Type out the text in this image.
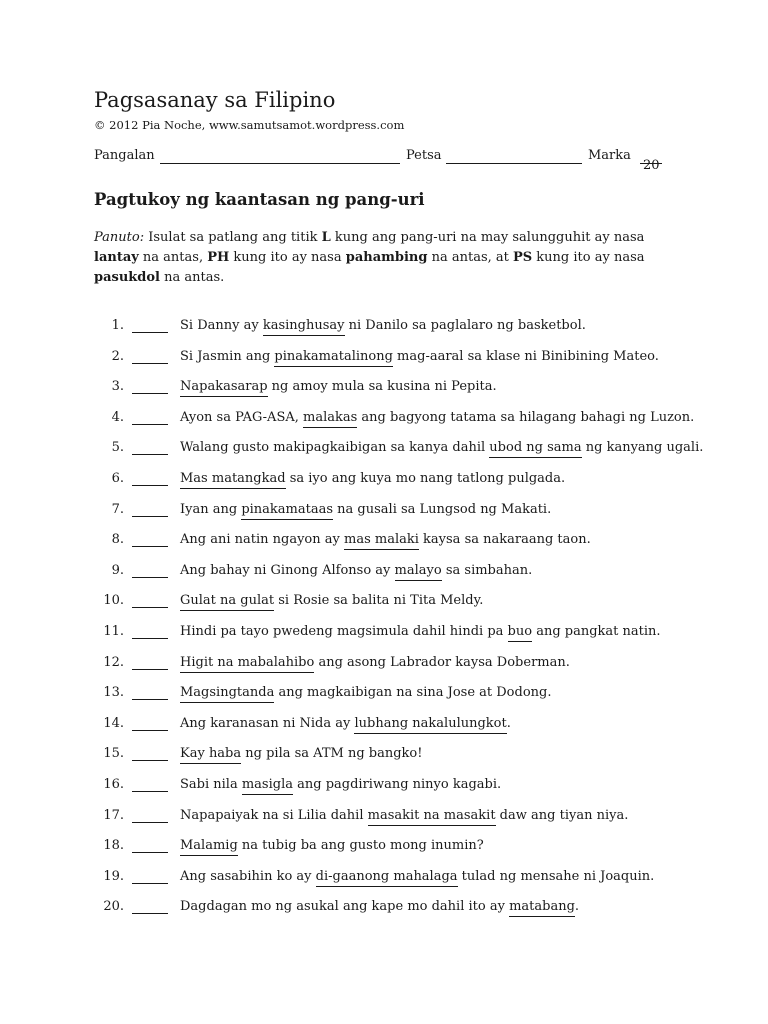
Pagsasanay sa Filipino
© 2012 Pia Noche, www.samutsamot.wordpress.com
Pangalan	Petsa	Marka
20
Pagtukoy ng kaantasan ng pang-uri
Panuto: Isulat sa patlang ang titik L kung ang pang-uri na may salungguhit ay nasa lantay na antas, PH kung ito ay nasa pahambing na antas, at PS kung ito ay nasa pasukdol na antas.
1.	Si Danny ay kasinghusay ni Danilo sa paglalaro ng basketbol.
2.	Si Jasmin ang pinakamatalinong mag-aaral sa klase ni Binibining Mateo.
3.	Napakasarap ng amoy mula sa kusina ni Pepita.
4.	Ayon sa PAG-ASA, malakas ang bagyong tatama sa hilagang bahagi ng Luzon.
5.	Walang gusto makipagkaibigan sa kanya dahil ubod ng sama ng kanyang ugali.
6.	Mas matangkad sa iyo ang kuya mo nang tatlong pulgada.
7.	Iyan ang pinakamataas na gusali sa Lungsod ng Makati.
8.	Ang ani natin ngayon ay mas malaki kaysa sa nakaraang taon.
9.	Ang bahay ni Ginong Alfonso ay malayo sa simbahan.
10.	Gulat na gulat si Rosie sa balita ni Tita Meldy.
11.	Hindi pa tayo pwedeng magsimula dahil hindi pa buo ang pangkat natin.
12.	Higit na mabalahibo ang asong Labrador kaysa Doberman.
13.	Magsingtanda ang magkaibigan na sina Jose at Dodong.
14.	Ang karanasan ni Nida ay lubhang nakalulungkot.
15.	Kay haba ng pila sa ATM ng bangko!
16.	Sabi nila masigla ang pagdiriwang ninyo kagabi.
17.	Napapaiyak na si Lilia dahil masakit na masakit daw ang tiyan niya.
18.	Malamig na tubig ba ang gusto mong inumin?
19.	Ang sasabihin ko ay di-gaanong mahalaga tulad ng mensahe ni Joaquin.
20.	Dagdagan mo ng asukal ang kape mo dahil ito ay matabang.
